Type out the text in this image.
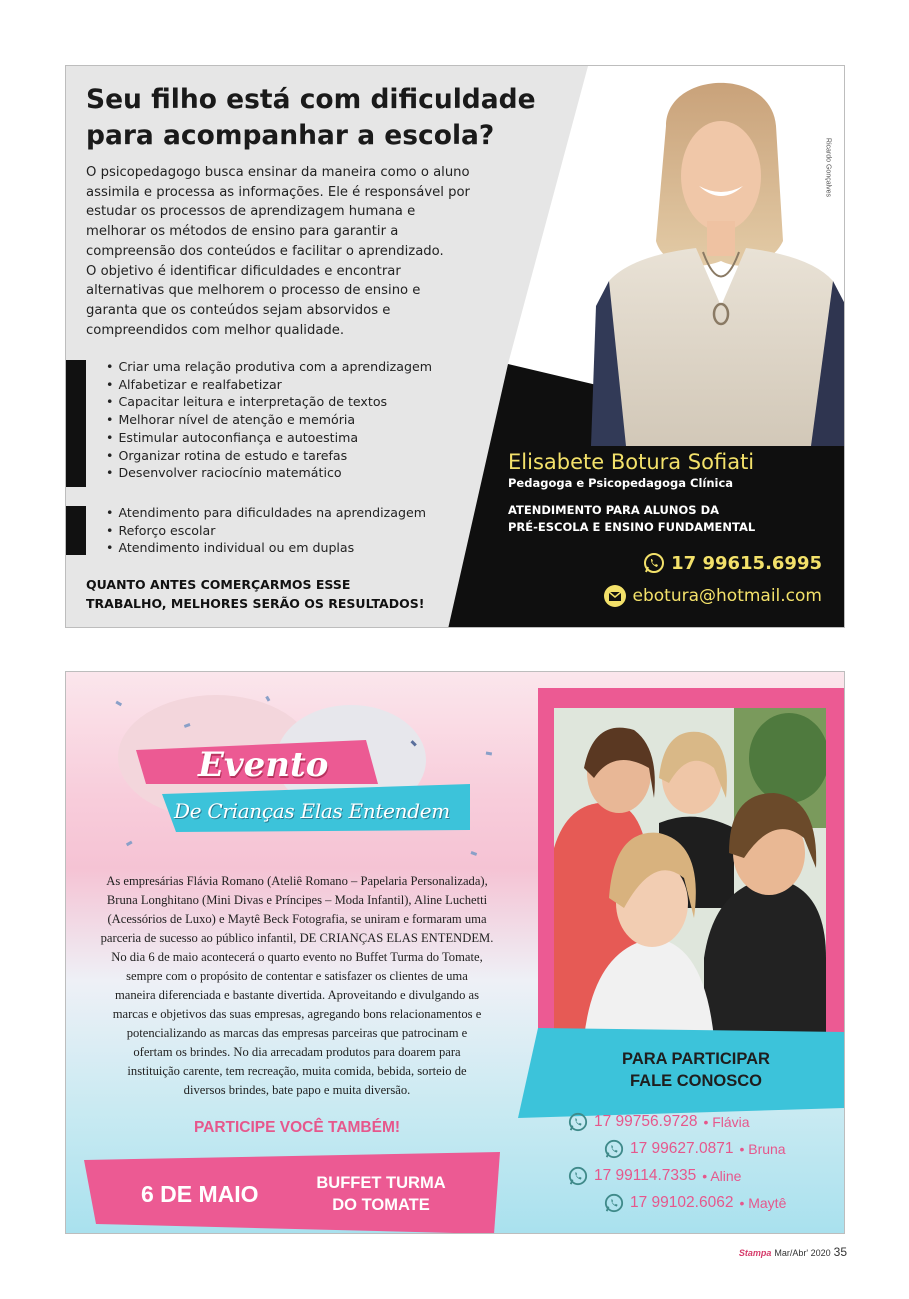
Seu filho está com dificuldade
para acompanhar a escola?

O psicopedagogo busca ensinar da maneira como o aluno
assimila e processa as informações. Ele é responsável por
estudar os processos de aprendizagem humana e
melhorar os métodos de ensino para garantir a
compreensão dos conteúdos e facilitar o aprendizado.
O objetivo é identificar dificuldades e encontrar
alternativas que melhorem o processo de ensino e
garanta que os conteúdos sejam absorvidos e
compreendidos com melhor qualidade.

• Criar uma relação produtiva com a aprendizagem
• Alfabetizar e realfabetizar
• Capacitar leitura e interpretação de textos
• Melhorar nível de atenção e memória
• Estimular autoconfiança e autoestima
• Organizar rotina de estudo e tarefas
• Desenvolver raciocínio matemático
• Atendimento para dificuldades na aprendizagem
• Reforço escolar
• Atendimento individual ou em duplas

QUANTO ANTES COMERÇARMOS ESSE
TRABALHO, MELHORES SERÃO OS RESULTADOS!

Ricardo Gonçalves
Elisabete Botura Sofiati
Pedagoga e Psicopedagoga Clínica
ATENDIMENTO PARA ALUNOS DA
PRÉ-ESCOLA E ENSINO FUNDAMENTAL
17 99615.6995
ebotura@hotmail.com
Evento
De Crianças Elas Entendem

As empresárias Flávia Romano (Ateliê Romano – Papelaria Personalizada),
Bruna Longhitano (Mini Divas e Príncipes – Moda Infantil), Aline Luchetti
(Acessórios de Luxo) e Maytê Beck Fotografia, se uniram e formaram uma
parceria de sucesso ao público infantil, DE CRIANÇAS ELAS ENTENDEM.
No dia 6 de maio acontecerá o quarto evento no Buffet Turma do Tomate,
sempre com o propósito de contentar e satisfazer os clientes de uma
maneira diferenciada e bastante divertida. Aproveitando e divulgando as
marcas e objetivos das suas empresas, agregando bons relacionamentos e
potencializando as marcas das empresas parceiras que patrocinam e
ofertam os brindes. No dia arrecadam produtos para doarem para
instituição carente, tem recreação, muita comida, bebida, sorteio de
diversos brindes, bate papo e muita diversão.

PARTICIPE VOCÊ TAMBÉM!
6 DE MAIO	BUFFET TURMA
DO TOMATE
PARA PARTICIPAR
FALE CONOSCO
17 99756.9728 • Flávia
17 99627.0871 • Bruna
17 99114.7335 • Aline
17 99102.6062 • Maytê
Stampa Mar/Abr' 2020 35
